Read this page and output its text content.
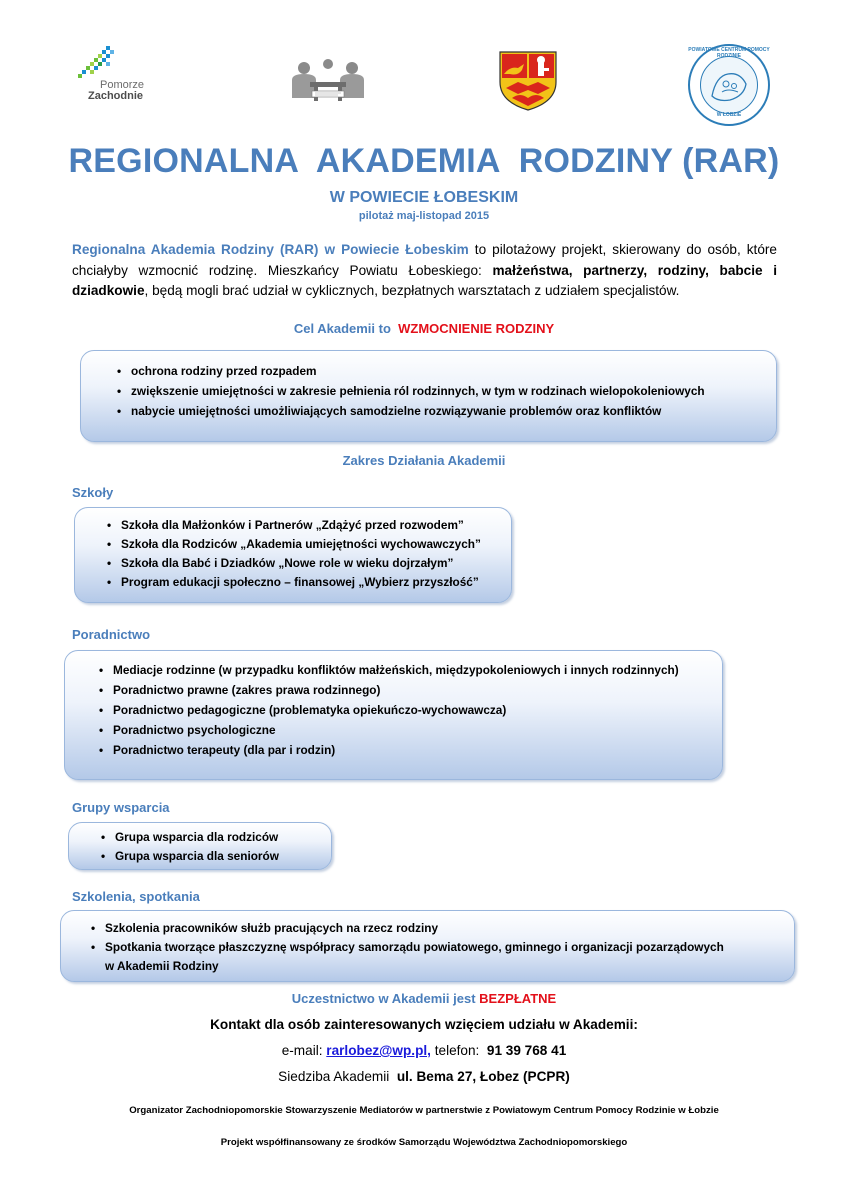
Pomorze
Zachodnie
POWIATOWE CENTRUM POMOCY RODZINIE
W ŁOBZIE
REGIONALNA  AKADEMIA  RODZINY (RAR)
W POWIECIE ŁOBESKIM
pilotaż maj-listopad 2015
Regionalna Akademia Rodziny (RAR) w Powiecie Łobeskim to pilotażowy projekt, skierowany do osób, które chciałyby wzmocnić rodzinę. Mieszkańcy Powiatu Łobeskiego: małżeństwa, partnerzy, rodziny, babcie i dziadkowie, będą mogli brać udział w cyklicznych, bezpłatnych warsztatach z udziałem specjalistów.
Cel Akademii to WZMOCNIENIE RODZINY
• ochrona rodziny przed rozpadem
• zwiększenie umiejętności w zakresie pełnienia ról rodzinnych, w tym w rodzinach wielopokoleniowych
• nabycie umiejętności umożliwiających samodzielne rozwiązywanie problemów oraz konfliktów
Zakres Działania Akademii
Szkoły
• Szkoła dla Małżonków i Partnerów „Zdążyć przed rozwodem”
• Szkoła dla Rodziców „Akademia umiejętności wychowawczych”
• Szkoła dla Babć i Dziadków „Nowe role w wieku dojrzałym”
• Program edukacji społeczno – finansowej „Wybierz przyszłość”
Poradnictwo
• Mediacje rodzinne (w przypadku konfliktów małżeńskich, międzypokoleniowych i innych rodzinnych)
• Poradnictwo prawne (zakres prawa rodzinnego)
• Poradnictwo pedagogiczne (problematyka opiekuńczo-wychowawcza)
• Poradnictwo psychologiczne
• Poradnictwo terapeuty (dla par i rodzin)
Grupy wsparcia
• Grupa wsparcia dla rodziców
• Grupa wsparcia dla seniorów
Szkolenia, spotkania
• Szkolenia pracowników służb pracujących na rzecz rodziny
• Spotkania tworzące płaszczyznę współpracy samorządu powiatowego, gminnego i organizacji pozarządowych
w Akademii Rodziny
Uczestnictwo w Akademii jest BEZPŁATNE
Kontakt dla osób zainteresowanych wzięciem udziału w Akademii:
e-mail: rarlobez@wp.pl, telefon: 91 39 768 41
Siedziba Akademii ul. Bema 27, Łobez (PCPR)
Organizator Zachodniopomorskie Stowarzyszenie Mediatorów w partnerstwie z Powiatowym Centrum Pomocy Rodzinie w Łobzie
Projekt współfinansowany ze środków Samorządu Województwa Zachodniopomorskiego
